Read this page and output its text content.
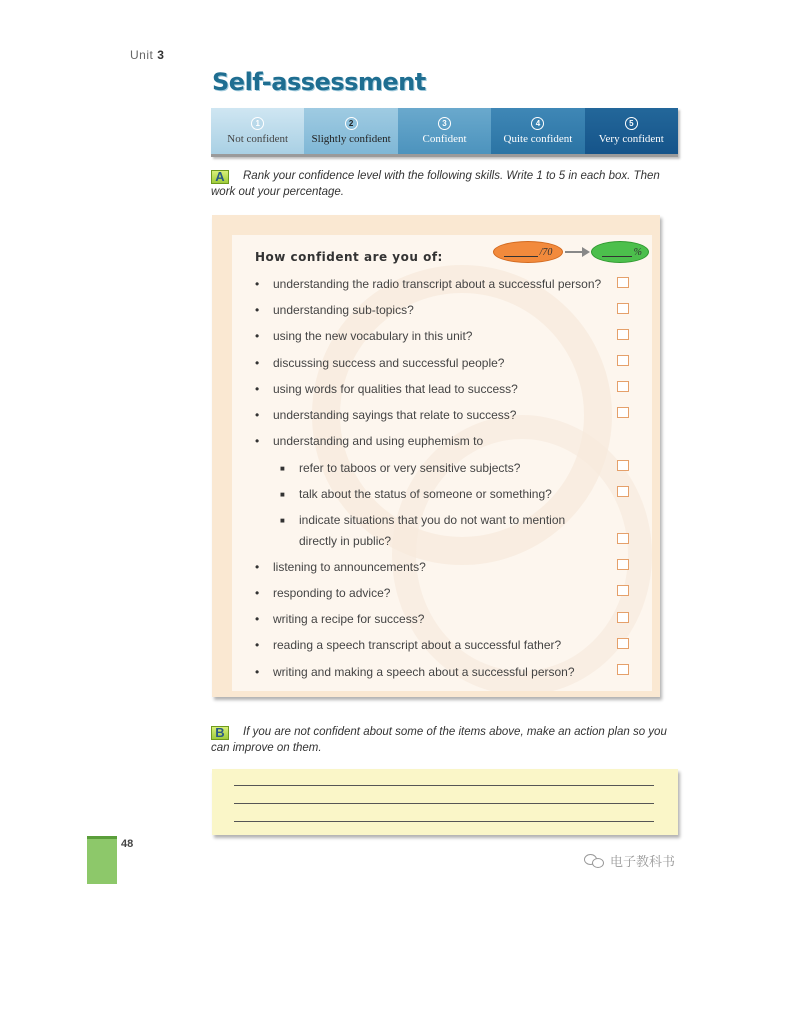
Unit 3
Self-assessment
1
Not confident
2
Slightly confident
3
Confident
4
Quite confident
5
Very confident
A Rank your confidence level with the following skills. Write 1 to 5 in each box. Then work out your percentage.
How confident are you of:	/70	%
• understanding the radio transcript about a successful person?
• understanding sub-topics?
• using the new vocabulary in this unit?
• discussing success and successful people?
• using words for qualities that lead to success?
• understanding sayings that relate to success?
• understanding and using euphemism to
■ refer to taboos or very sensitive subjects?
■ talk about the status of someone or something?
■ indicate situations that you do not want to mention
directly in public?
• listening to announcements?
• responding to advice?
• writing a recipe for success?
• reading a speech transcript about a successful father?
• writing and making a speech about a successful person?
B If you are not confident about some of the items above, make an action plan so you can improve on them.
48
电子教科书
